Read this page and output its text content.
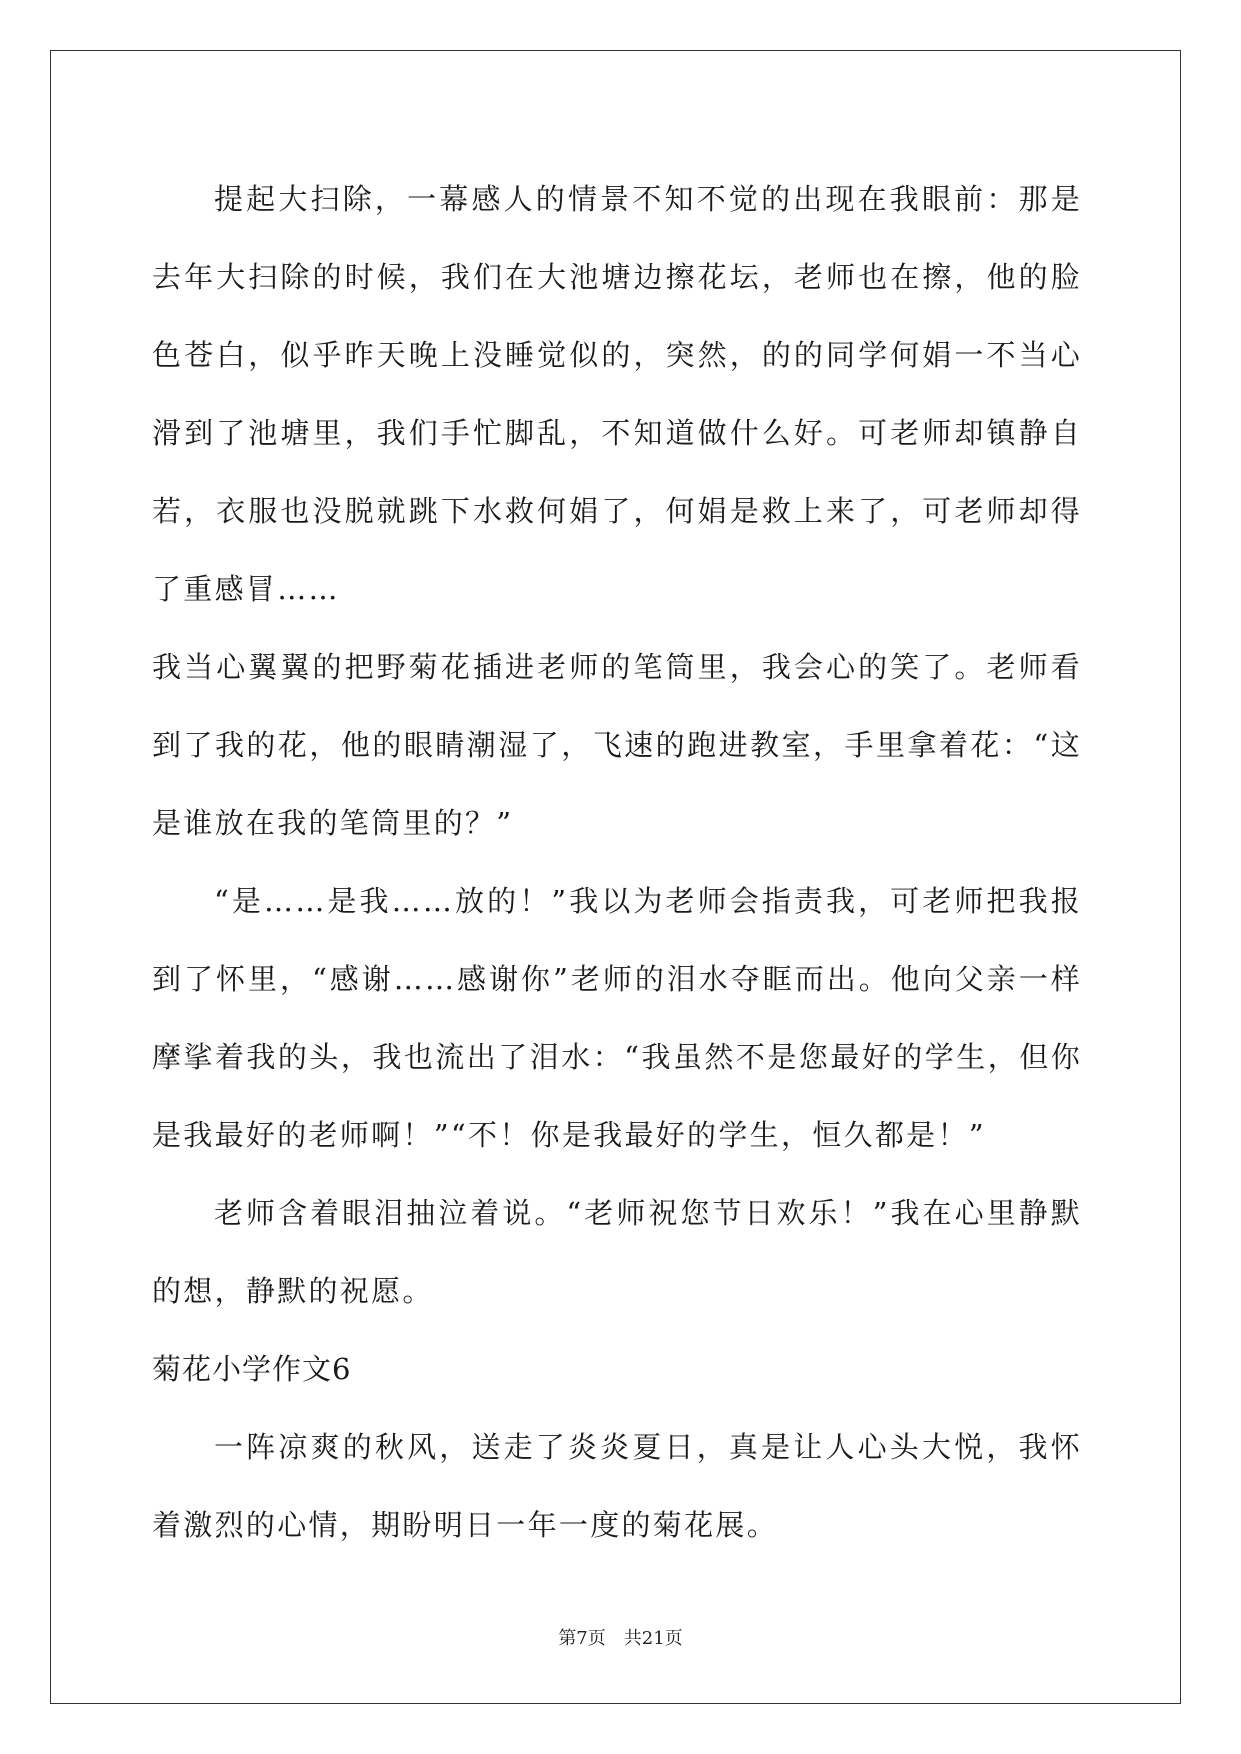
提起大扫除，一幕感人的情景不知不觉的出现在我眼前：那是去年大扫除的时候，我们在大池塘边擦花坛，老师也在擦，他的脸色苍白，似乎昨天晚上没睡觉似的，突然，的的同学何娟一不当心滑到了池塘里，我们手忙脚乱，不知道做什么好。可老师却镇静自若，衣服也没脱就跳下水救何娟了，何娟是救上来了，可老师却得了重感冒……

我当心翼翼的把野菊花插进老师的笔筒里，我会心的笑了。老师看到了我的花，他的眼睛潮湿了，飞速的跑进教室，手里拿着花：“这是谁放在我的笔筒里的？”

“是……是我……放的！”我以为老师会指责我，可老师把我报到了怀里，“感谢……感谢你”老师的泪水夺眶而出。他向父亲一样摩挲着我的头，我也流出了泪水：“我虽然不是您最好的学生，但你是我最好的老师啊！”“不！你是我最好的学生，恒久都是！”

老师含着眼泪抽泣着说。“老师祝您节日欢乐！”我在心里静默的想，静默的祝愿。

菊花小学作文6

一阵凉爽的秋风，送走了炎炎夏日，真是让人心头大悦，我怀着激烈的心情，期盼明日一年一度的菊花展。

第7页 共21页
